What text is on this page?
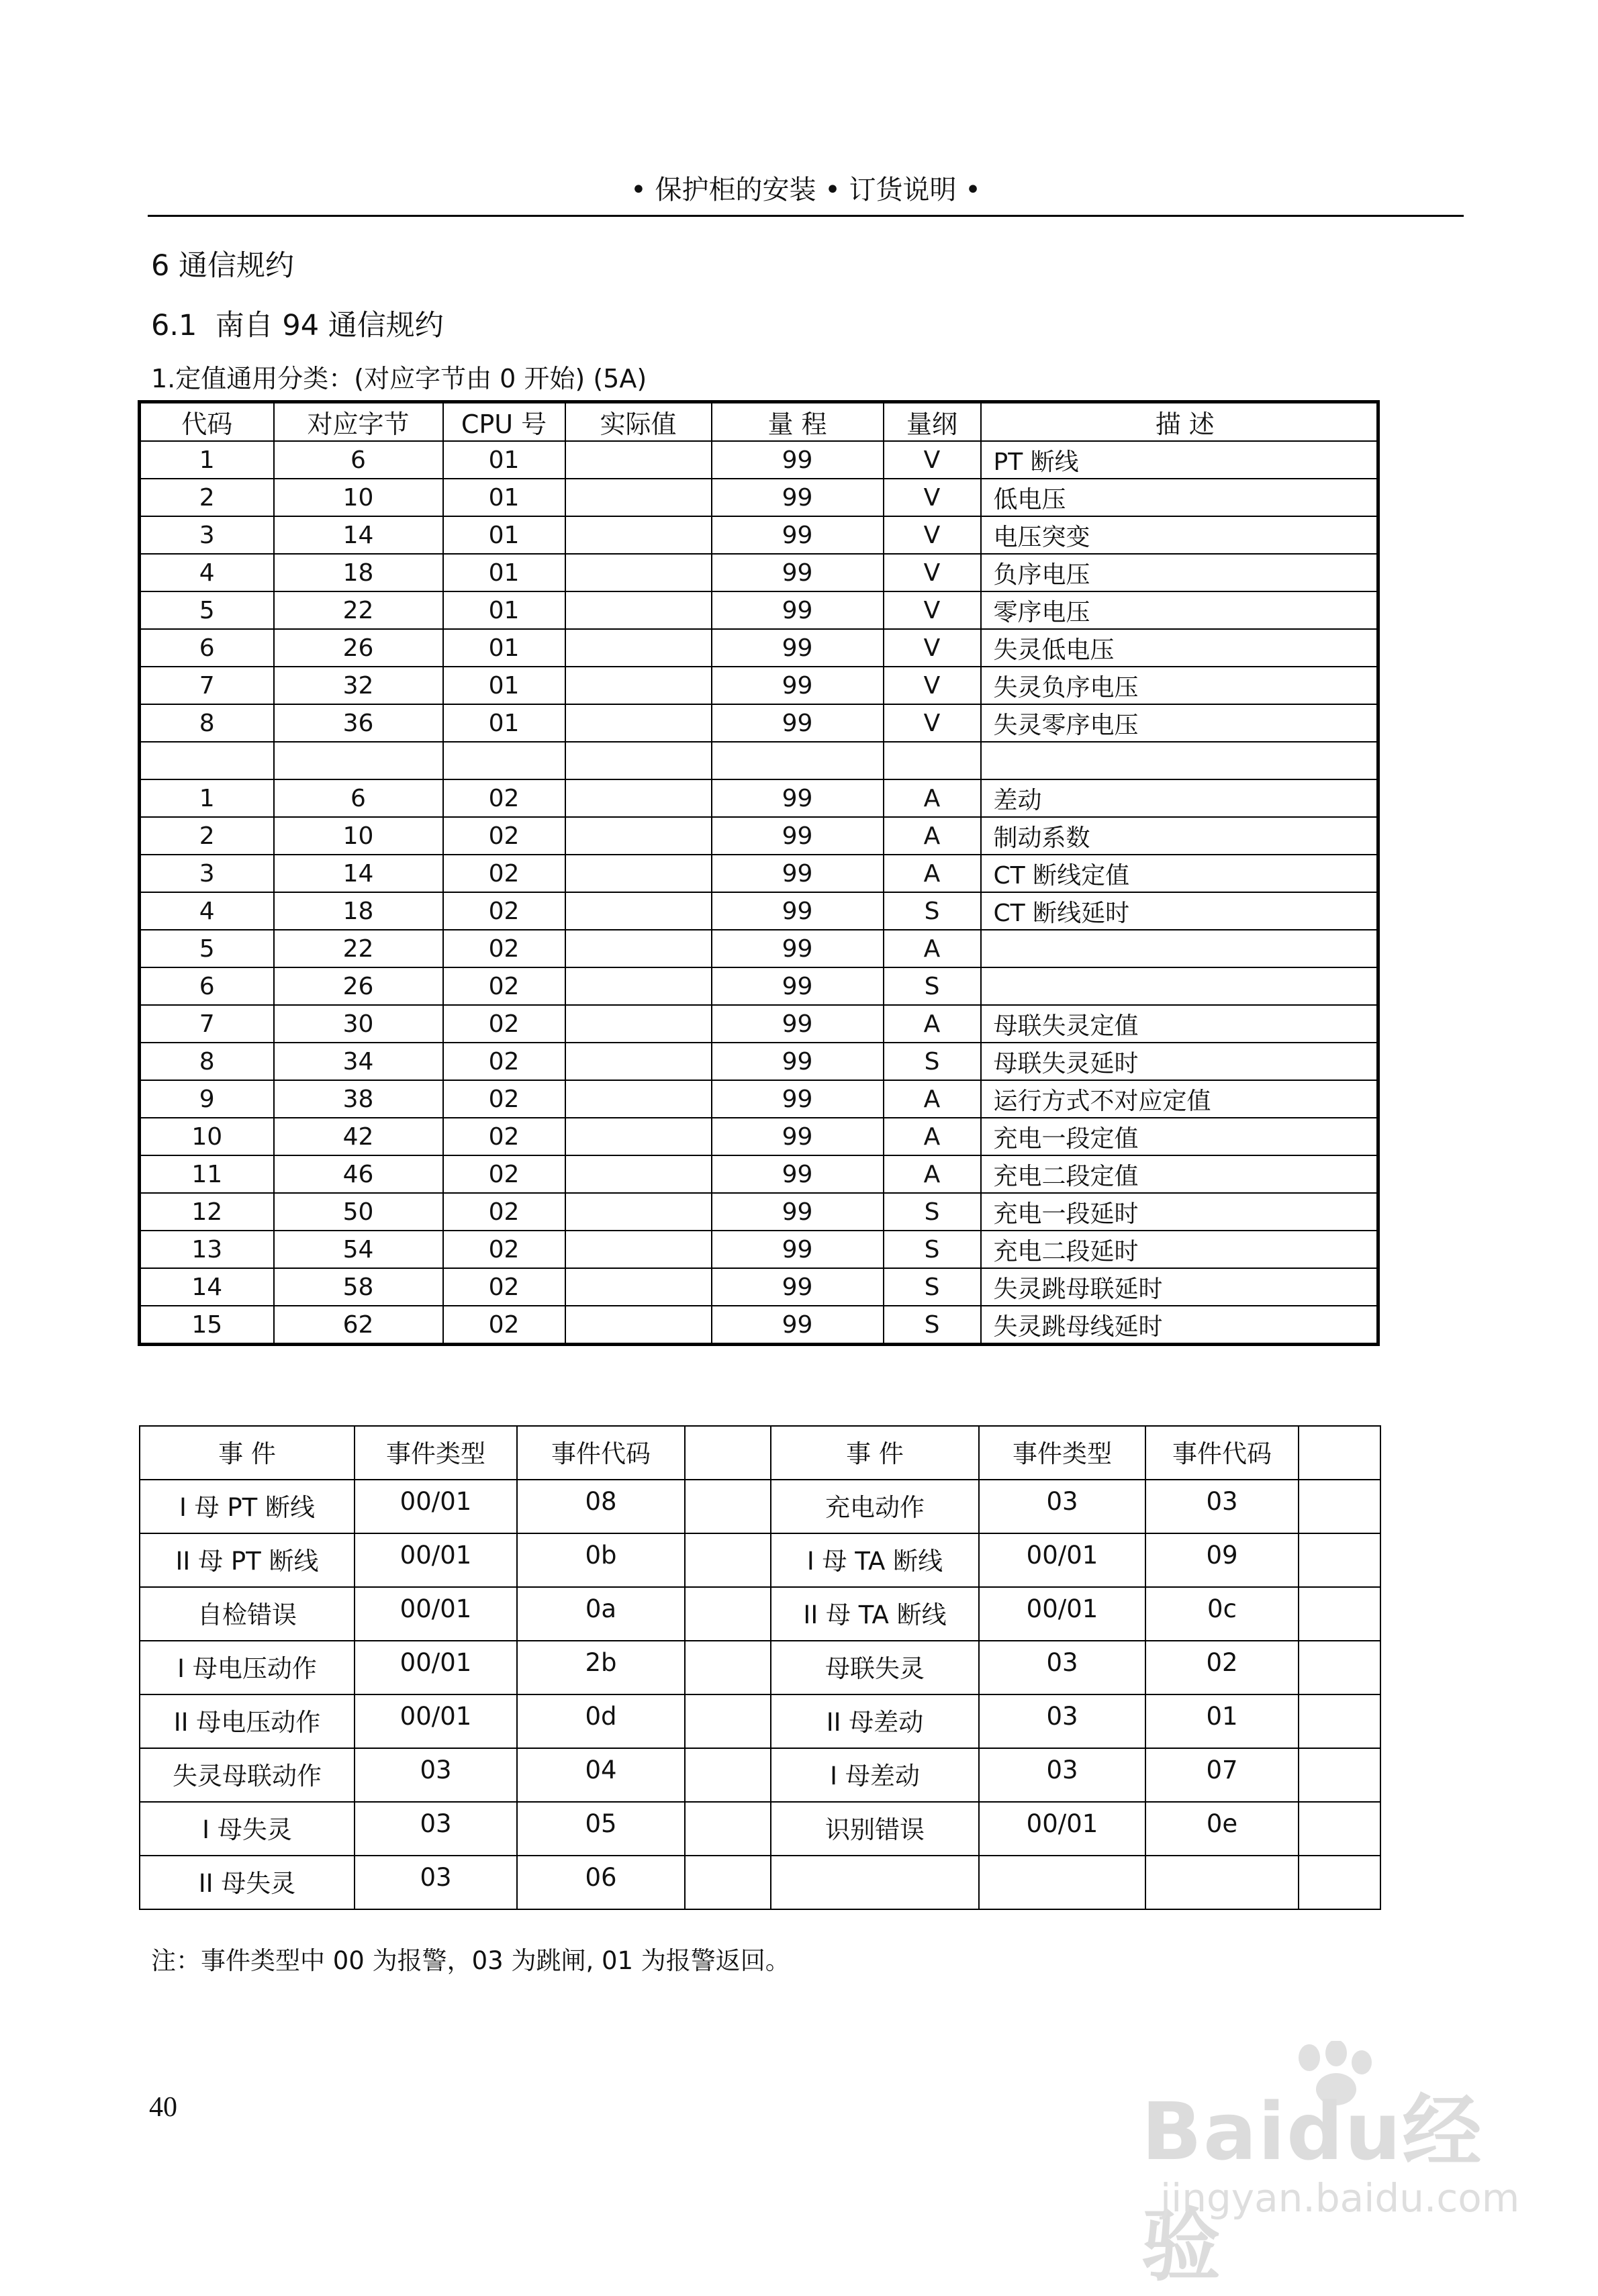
• 保护柜的安装 • 订货说明 •
6 通信规约
6.1  南自 94 通信规约
1.定值通用分类：(对应字节由 0 开始) (5A)
代码	对应字节	CPU 号	实际值	量 程	量纲	描 述
1	6	01		99	V	PT 断线
2	10	01		99	V	低电压
3	14	01		99	V	电压突变
4	18	01		99	V	负序电压
5	22	01		99	V	零序电压
6	26	01		99	V	失灵低电压
7	32	01		99	V	失灵负序电压
8	36	01		99	V	失灵零序电压

1	6	02		99	A	差动
2	10	02		99	A	制动系数
3	14	02		99	A	CT 断线定值
4	18	02		99	S	CT 断线延时
5	22	02		99	A	
6	26	02		99	S	
7	30	02		99	A	母联失灵定值
8	34	02		99	S	母联失灵延时
9	38	02		99	A	运行方式不对应定值
10	42	02		99	A	充电一段定值
11	46	02		99	A	充电二段定值
12	50	02		99	S	充电一段延时
13	54	02		99	S	充电二段延时
14	58	02		99	S	失灵跳母联延时
15	62	02		99	S	失灵跳母线延时
事 件	事件类型	事件代码		事 件	事件类型	事件代码	
I 母 PT 断线	00/01	08		充电动作	03	03	
II 母 PT 断线	00/01	0b		I 母 TA 断线	00/01	09	
自检错误	00/01	0a		II 母 TA 断线	00/01	0c	
I 母电压动作	00/01	2b		母联失灵	03	02	
II 母电压动作	00/01	0d		II 母差动	03	01	
失灵母联动作	03	04		I 母差动	03	07	
I 母失灵	03	05		识别错误	00/01	0e	
II 母失灵	03	06					
注：事件类型中 00 为报警，03 为跳闸, 01 为报警返回。
40	Baidu经验
jingyan.baidu.com
